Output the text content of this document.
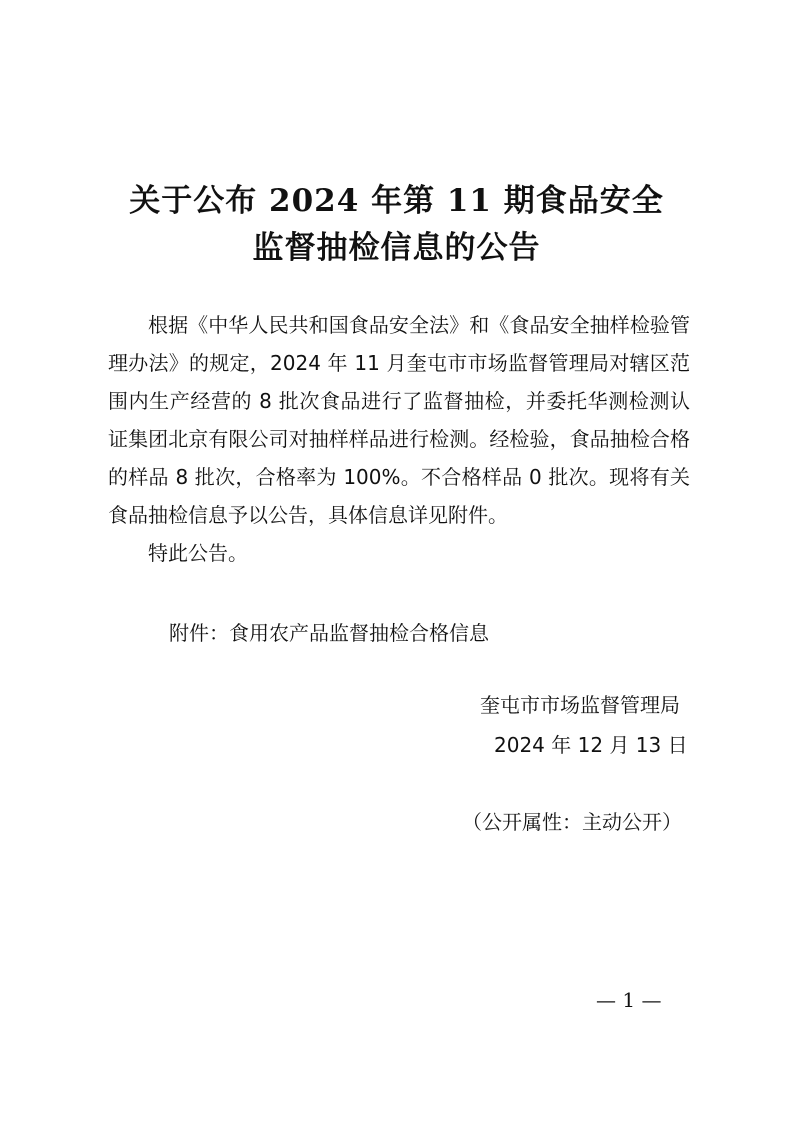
关于公布 2024 年第 11 期食品安全
监督抽检信息的公告

根据《中华人民共和国食品安全法》和《食品安全抽样检验管理办法》的规定，2024 年 11 月奎屯市市场监督管理局对辖区范围内生产经营的 8 批次食品进行了监督抽检，并委托华测检测认证集团北京有限公司对抽样样品进行检测。经检验，食品抽检合格的样品 8 批次，合格率为 100%。不合格样品 0 批次。现将有关食品抽检信息予以公告，具体信息详见附件。

特此公告。

附件：食用农产品监督抽检合格信息
奎屯市市场监督管理局
2024 年 12 月 13 日
（公开属性：主动公开）
— 1 —
